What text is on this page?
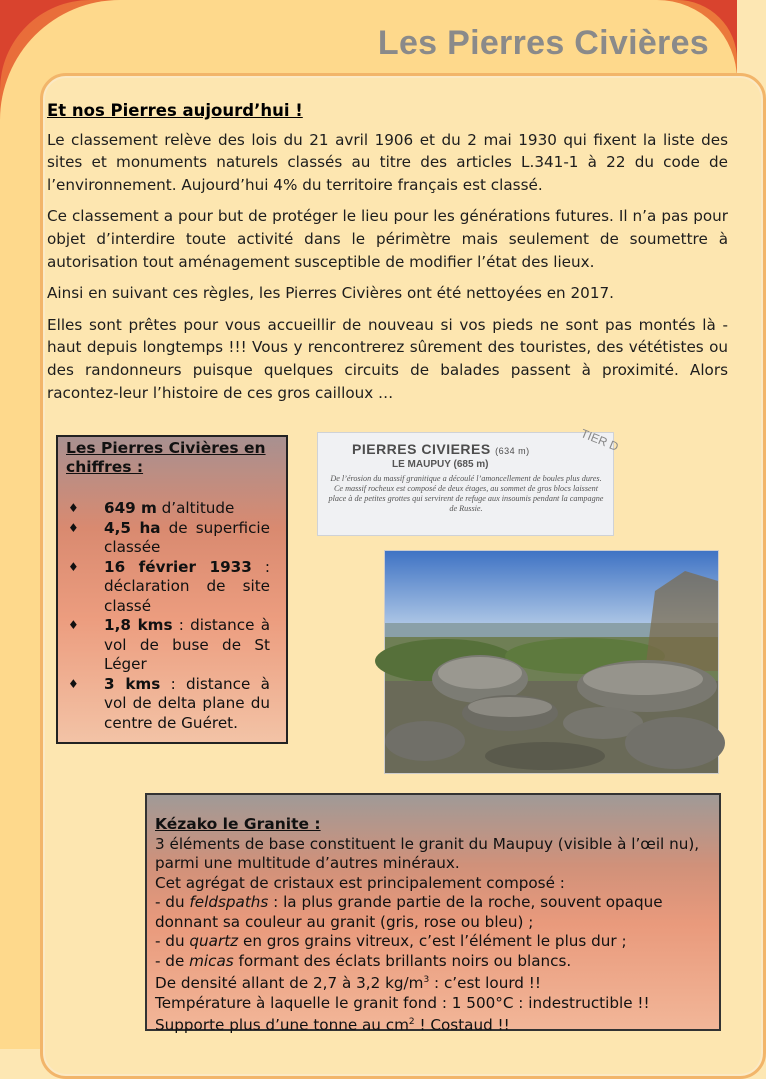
Les Pierres Civières
Et nos Pierres aujourd’hui !

Le classement relève des lois du 21 avril 1906 et du 2 mai 1930 qui fixent la liste des sites et monuments naturels classés au titre des articles L.341-1 à 22 du code de l’environnement. Aujourd’hui 4% du territoire français est classé.

Ce classement a pour but de protéger le lieu pour les générations futures. Il n’a pas pour objet d’interdire toute activité dans le périmètre mais seulement de soumettre à autorisation tout aménagement susceptible de modifier l’état des lieux.

Ainsi en suivant ces règles, les Pierres Civières ont été nettoyées en 2017.

Elles sont prêtes pour vous accueillir de nouveau si vos pieds ne sont pas montés là -haut depuis longtemps !!! Vous y rencontrerez sûrement des touristes, des vététistes ou des randonneurs puisque quelques circuits de balades passent à proximité. Alors racontez-leur l’histoire de ces gros cailloux …

Les Pierres Civières en chiffres :
♦ 649 m d’altitude
♦ 4,5 ha de superficie classée
♦ 16 février 1933 : déclaration de site classé
♦ 1,8 kms : distance à vol de buse de St Léger
♦ 3 kms : distance à vol de delta plane du centre de Guéret.
PIERRES CIVIERES (634 m)
LE MAUPUY (685 m)
De l’érosion du massif granitique a découlé l’amoncellement de boules plus dures. Ce massif rocheux est composé de deux étages, au sommet de gros blocs laissent place à de petites grottes qui servirent de refuge aux insoumis pendant la campagne de Russie.
TIER D
Kézako le Granite :

3 éléments de base constituent le granit du Maupuy (visible à l’œil nu), parmi une multitude d’autres minéraux.

Cet agrégat de cristaux est principalement composé :

- du feldspaths : la plus grande partie de la roche, souvent opaque donnant sa couleur au granit (gris, rose ou bleu) ;

- du quartz en gros grains vitreux, c’est l’élément le plus dur ;

- de micas formant des éclats brillants noirs ou blancs.

De densité allant de 2,7 à 3,2 $kg/m^3$ : c’est lourd !!

Température à laquelle le granit fond : 1 500°C : indestructible !!

Supporte plus d’une tonne au $cm^2$ ! Costaud !!
